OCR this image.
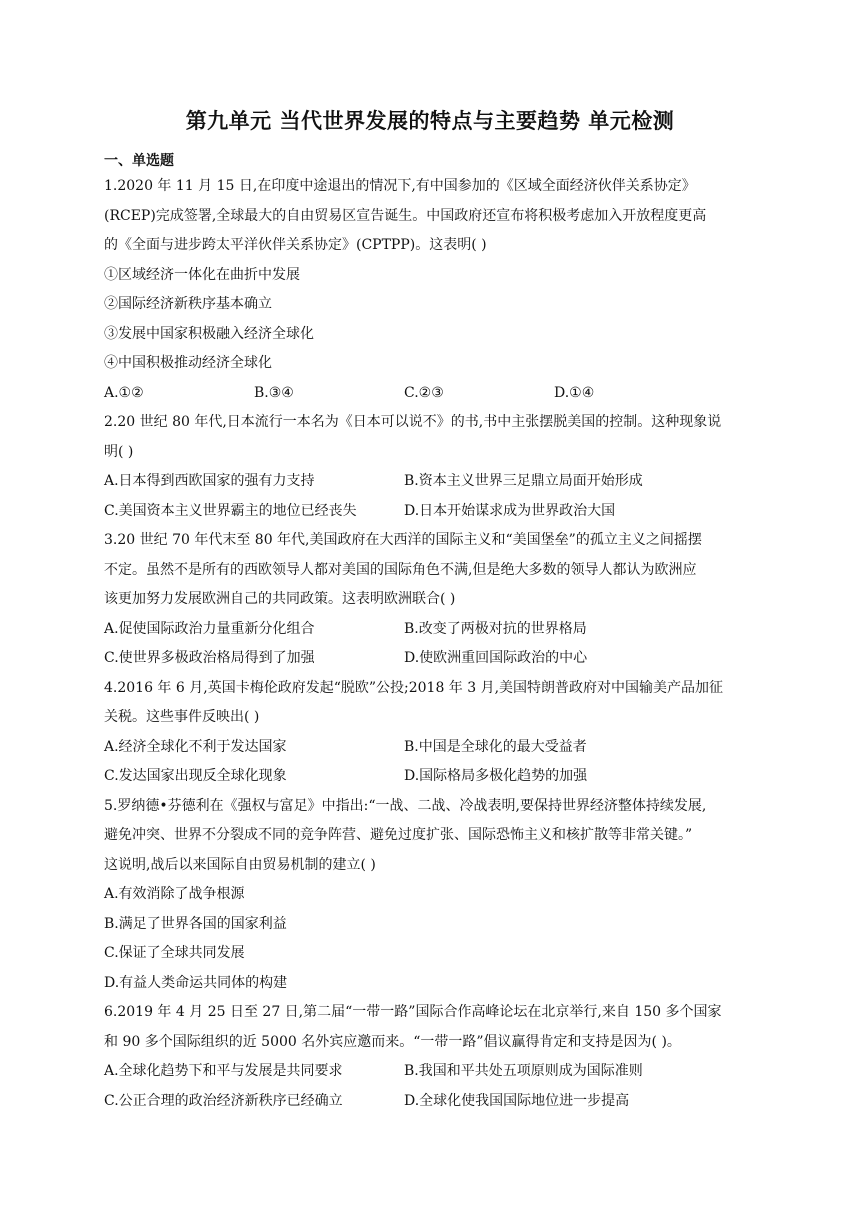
第九单元 当代世界发展的特点与主要趋势 单元检测
一、单选题
1.2020 年 11 月 15 日,在印度中途退出的情况下,有中国参加的《区域全面经济伙伴关系协定》
(RCEP)完成签署,全球最大的自由贸易区宣告诞生。中国政府还宣布将积极考虑加入开放程度更高
的《全面与进步跨太平洋伙伴关系协定》(CPTPP)。这表明( )
①区域经济一体化在曲折中发展
②国际经济新秩序基本确立
③发展中国家积极融入经济全球化
④中国积极推动经济全球化
A.①②	B.③④	C.②③	D.①④
2.20 世纪 80 年代,日本流行一本名为《日本可以说不》的书,书中主张摆脱美国的控制。这种现象说
明( )
A.日本得到西欧国家的强有力支持	B.资本主义世界三足鼎立局面开始形成
C.美国资本主义世界霸主的地位已经丧失	D.日本开始谋求成为世界政治大国
3.20 世纪 70 年代末至 80 年代,美国政府在大西洋的国际主义和“美国堡垒”的孤立主义之间摇摆
不定。虽然不是所有的西欧领导人都对美国的国际角色不满,但是绝大多数的领导人都认为欧洲应
该更加努力发展欧洲自己的共同政策。这表明欧洲联合( )
A.促使国际政治力量重新分化组合	B.改变了两极对抗的世界格局
C.使世界多极政治格局得到了加强	D.使欧洲重回国际政治的中心
4.2016 年 6 月,英国卡梅伦政府发起“脱欧”公投;2018 年 3 月,美国特朗普政府对中国输美产品加征
关税。这些事件反映出( )
A.经济全球化不利于发达国家	B.中国是全球化的最大受益者
C.发达国家出现反全球化现象	D.国际格局多极化趋势的加强
5.罗纳德•芬德利在《强权与富足》中指出:“一战、二战、冷战表明,要保持世界经济整体持续发展,
避免冲突、世界不分裂成不同的竞争阵营、避免过度扩张、国际恐怖主义和核扩散等非常关键。”
这说明,战后以来国际自由贸易机制的建立( )
A.有效消除了战争根源
B.满足了世界各国的国家利益
C.保证了全球共同发展
D.有益人类命运共同体的构建
6.2019 年 4 月 25 日至 27 日,第二届“一带一路”国际合作高峰论坛在北京举行,来自 150 多个国家
和 90 多个国际组织的近 5000 名外宾应邀而来。“一带一路”倡议赢得肯定和支持是因为( )。
A.全球化趋势下和平与发展是共同要求	B.我国和平共处五项原则成为国际准则
C.公正合理的政治经济新秩序已经确立	D.全球化使我国国际地位进一步提高
